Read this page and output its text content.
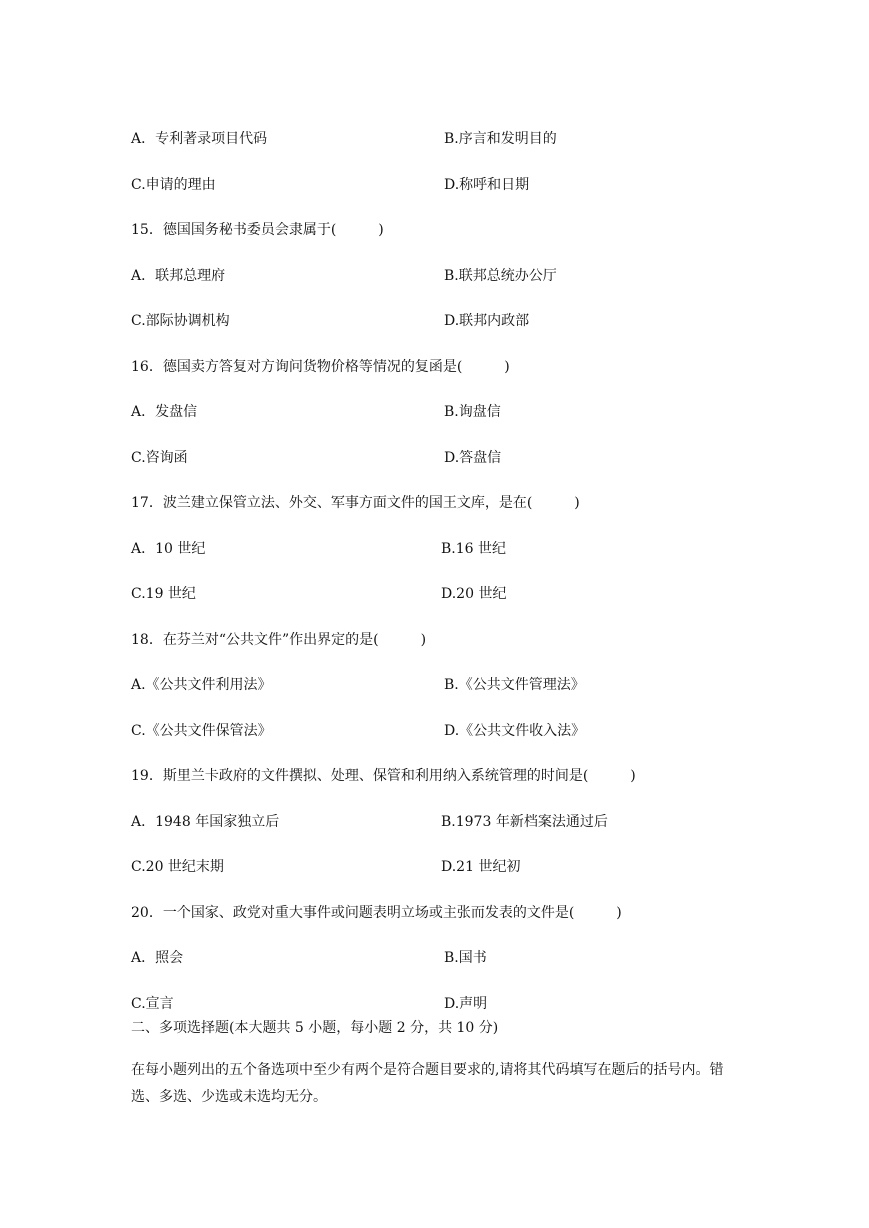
A．专利著录项目代码	B.序言和发明目的
C.申请的理由	D.称呼和日期
15．德国国务秘书委员会隶属于(　　　)
A．联邦总理府	B.联邦总统办公厅
C.部际协调机构	D.联邦内政部
16．德国卖方答复对方询问货物价格等情况的复函是(　　　)
A．发盘信	B.询盘信
C.咨询函	D.答盘信
17．波兰建立保管立法、外交、军事方面文件的国王文库，是在(　　　)
A．10 世纪	B.16 世纪
C.19 世纪	D.20 世纪
18．在芬兰对“公共文件”作出界定的是(　　　)
A.《公共文件利用法》	B.《公共文件管理法》
C.《公共文件保管法》	D.《公共文件收入法》
19．斯里兰卡政府的文件撰拟、处理、保管和利用纳入系统管理的时间是(　　　)
A．1948 年国家独立后	B.1973 年新档案法通过后
C.20 世纪末期	D.21 世纪初
20．一个国家、政党对重大事件或问题表明立场或主张而发表的文件是(　　　)
A．照会	B.国书
C.宣言	D.声明
二、多项选择题(本大题共 5 小题，每小题 2 分，共 10 分)
在每小题列出的五个备选项中至少有两个是符合题目要求的,请将其代码填写在题后的括号内。错选、多选、少选或未选均无分。
